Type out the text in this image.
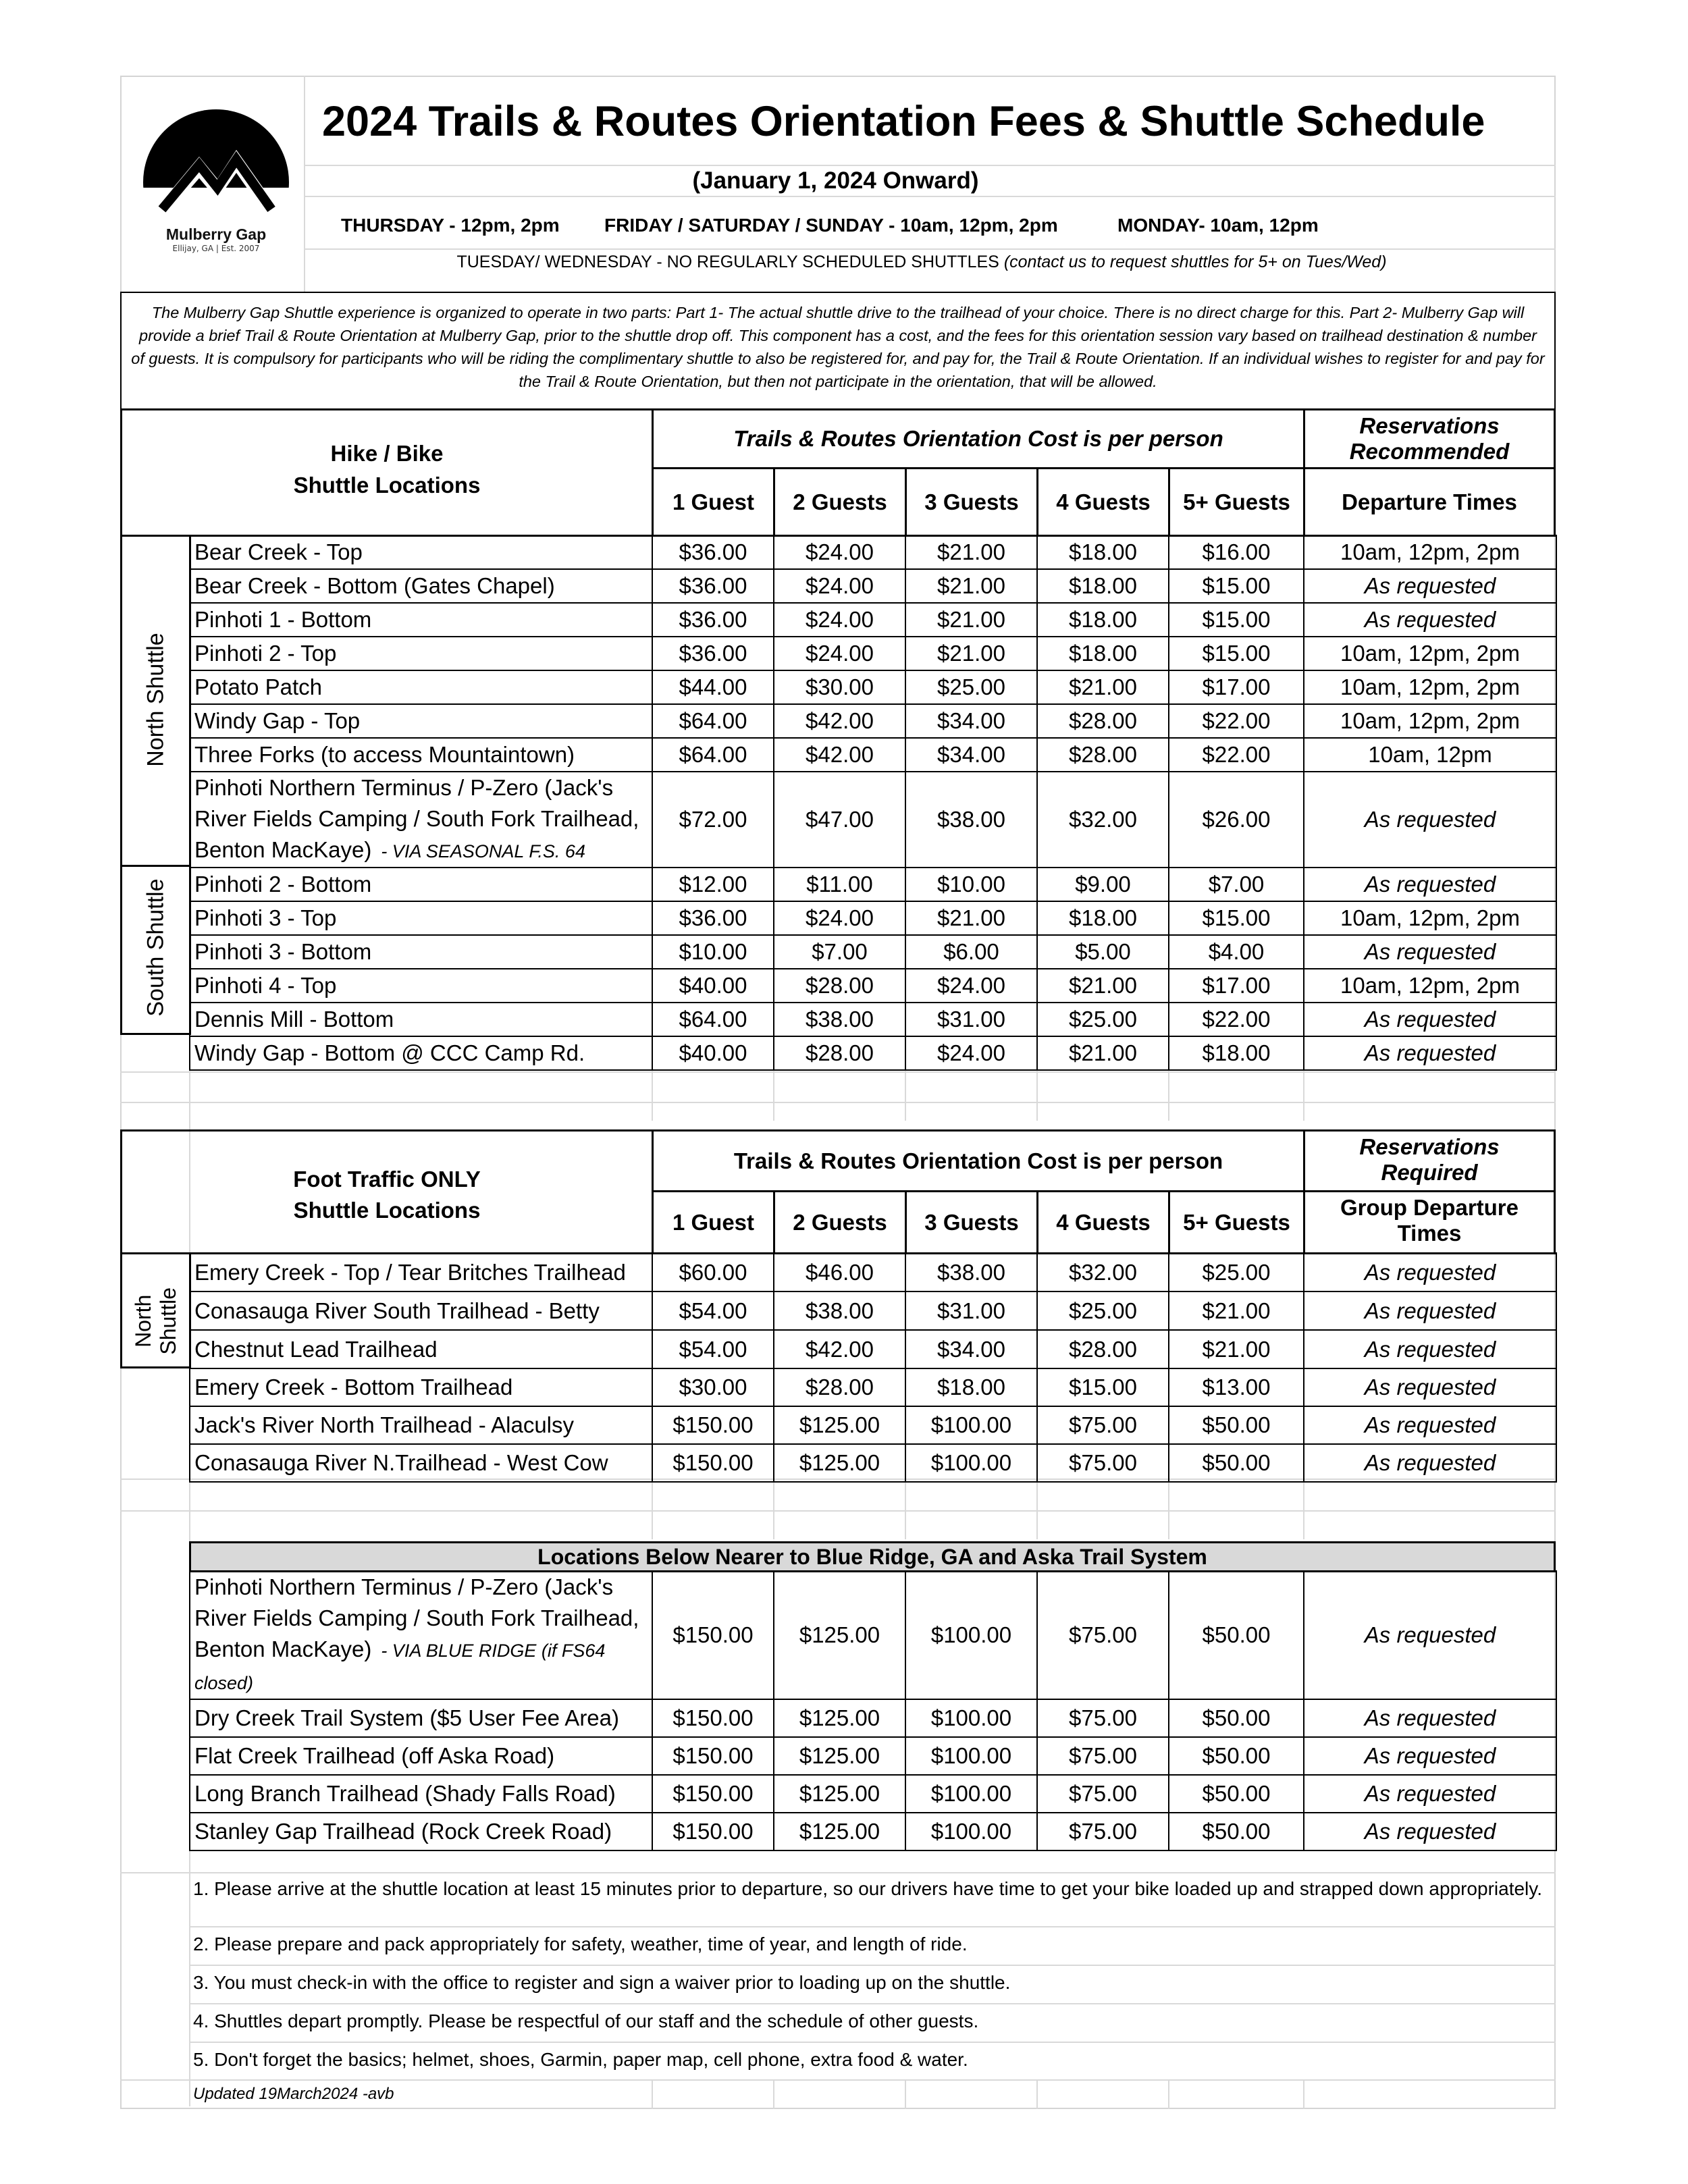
Mulberry Gap
Ellijay, GA | Est. 2007
2024 Trails & Routes Orientation Fees & Shuttle Schedule
(January 1, 2024 Onward)
THURSDAY - 12pm, 2pm FRIDAY / SATURDAY / SUNDAY - 10am, 12pm, 2pm	MONDAY- 10am, 12pm
TUESDAY/ WEDNESDAY - NO REGULARLY SCHEDULED SHUTTLES (contact us to request shuttles for 5+ on Tues/Wed)
The Mulberry Gap Shuttle experience is organized to operate in two parts: Part 1- The actual shuttle drive to the trailhead of your choice. There is no direct charge for this. Part 2- Mulberry Gap will provide a brief Trail & Route Orientation at Mulberry Gap, prior to the shuttle drop off. This component has a cost, and the fees for this orientation session vary based on trailhead destination & number of guests. It is compulsory for participants who will be riding the complimentary shuttle to also be registered for, and pay for, the Trail & Route Orientation. If an individual wishes to register for and pay for the Trail & Route Orientation, but then not participate in the orientation, that will be allowed.
Hike / Bike
Shuttle Locations
Trails & Routes Orientation Cost is per person
Reservations
Recommended
1 Guest	2 Guests	3 Guests	4 Guests	5+ Guests	Departure Times
North Shuttle
South Shuttle
Bear Creek - Top	$36.00	$24.00	$21.00	$18.00	$16.00	10am, 12pm, 2pm
Bear Creek - Bottom (Gates Chapel)	$36.00	$24.00	$21.00	$18.00	$15.00	As requested
Pinhoti 1 - Bottom	$36.00	$24.00	$21.00	$18.00	$15.00	As requested
Pinhoti 2 - Top	$36.00	$24.00	$21.00	$18.00	$15.00	10am, 12pm, 2pm
Potato Patch	$44.00	$30.00	$25.00	$21.00	$17.00	10am, 12pm, 2pm
Windy Gap - Top	$64.00	$42.00	$34.00	$28.00	$22.00	10am, 12pm, 2pm
Three Forks (to access Mountaintown)	$64.00	$42.00	$34.00	$28.00	$22.00	10am, 12pm
Pinhoti Northern Terminus / P-Zero (Jack's River Fields Camping / South Fork Trailhead, Benton MacKaye) - VIA SEASONAL F.S. 64	$72.00	$47.00	$38.00	$32.00	$26.00	As requested
Pinhoti 2 - Bottom	$12.00	$11.00	$10.00	$9.00	$7.00	As requested
Pinhoti 3 - Top	$36.00	$24.00	$21.00	$18.00	$15.00	10am, 12pm, 2pm
Pinhoti 3 - Bottom	$10.00	$7.00	$6.00	$5.00	$4.00	As requested
Pinhoti 4 - Top	$40.00	$28.00	$24.00	$21.00	$17.00	10am, 12pm, 2pm
Dennis Mill - Bottom	$64.00	$38.00	$31.00	$25.00	$22.00	As requested
Windy Gap - Bottom @ CCC Camp Rd.	$40.00	$28.00	$24.00	$21.00	$18.00	As requested
Foot Traffic ONLY
Shuttle Locations
Trails & Routes Orientation Cost is per person
Reservations
Required
1 Guest	2 Guests	3 Guests	4 Guests	5+ Guests
Group Departure
Times
North Shuttle
Emery Creek - Top / Tear Britches Trailhead	$60.00	$46.00	$38.00	$32.00	$25.00	As requested
Conasauga River South Trailhead - Betty	$54.00	$38.00	$31.00	$25.00	$21.00	As requested
Chestnut Lead Trailhead	$54.00	$42.00	$34.00	$28.00	$21.00	As requested
Emery Creek - Bottom Trailhead	$30.00	$28.00	$18.00	$15.00	$13.00	As requested
Jack's River North Trailhead - Alaculsy	$150.00	$125.00	$100.00	$75.00	$50.00	As requested
Conasauga River N.Trailhead - West Cow	$150.00	$125.00	$100.00	$75.00	$50.00	As requested
Locations Below Nearer to Blue Ridge, GA and Aska Trail System
Pinhoti Northern Terminus / P-Zero (Jack's River Fields Camping / South Fork Trailhead, Benton MacKaye) - VIA BLUE RIDGE (if FS64 closed)	$150.00	$125.00	$100.00	$75.00	$50.00	As requested
Dry Creek Trail System ($5 User Fee Area)	$150.00	$125.00	$100.00	$75.00	$50.00	As requested
Flat Creek Trailhead (off Aska Road)	$150.00	$125.00	$100.00	$75.00	$50.00	As requested
Long Branch Trailhead (Shady Falls Road)	$150.00	$125.00	$100.00	$75.00	$50.00	As requested
Stanley Gap Trailhead (Rock Creek Road)	$150.00	$125.00	$100.00	$75.00	$50.00	As requested
1. Please arrive at the shuttle location at least 15 minutes prior to departure, so our drivers have time to get your bike loaded up and strapped down appropriately.
2. Please prepare and pack appropriately for safety, weather, time of year, and length of ride.
3. You must check-in with the office to register and sign a waiver prior to loading up on the shuttle.
4. Shuttles depart promptly. Please be respectful of our staff and the schedule of other guests.
5. Don't forget the basics; helmet, shoes, Garmin, paper map, cell phone, extra food & water.
Updated 19March2024 -avb
